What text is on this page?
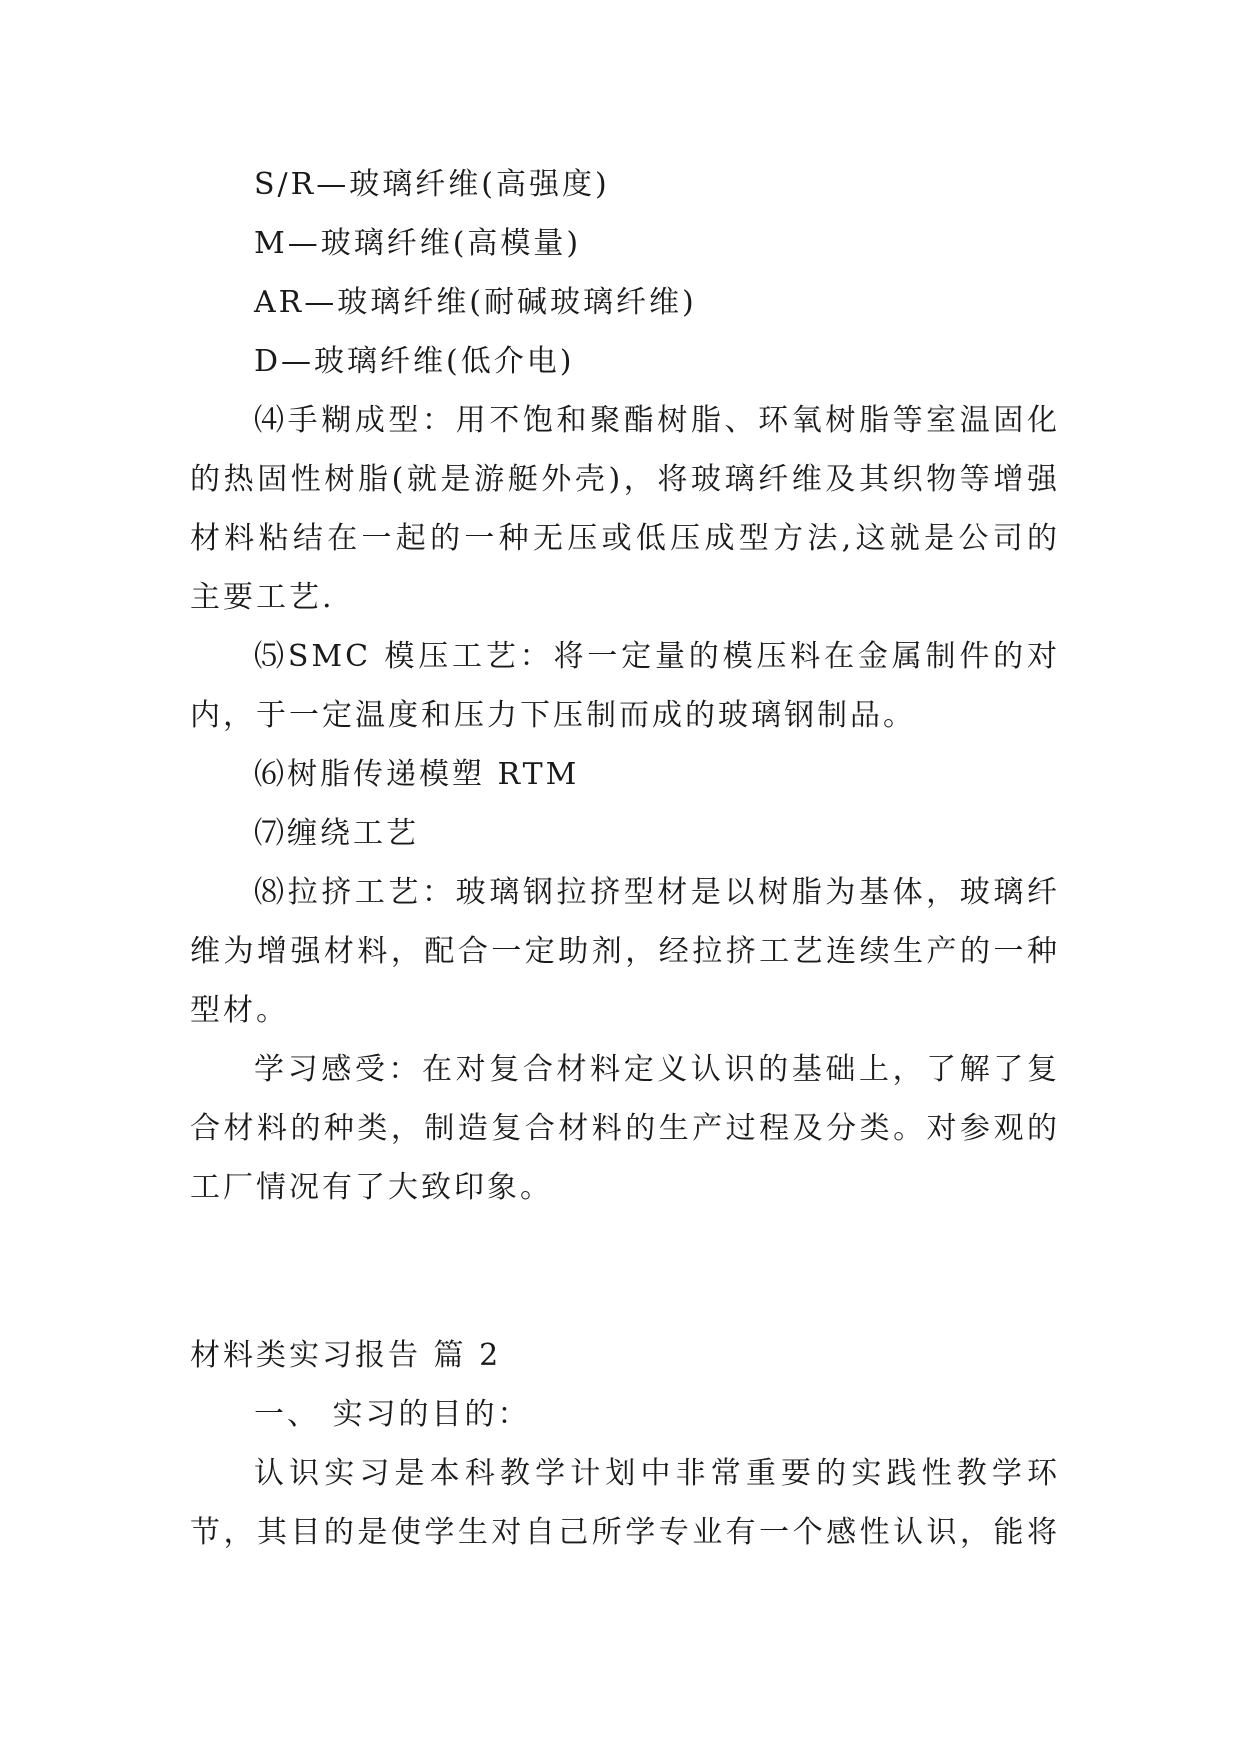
S/R—玻璃纤维(高强度)
M—玻璃纤维(高模量)
AR—玻璃纤维(耐碱玻璃纤维)
D—玻璃纤维(低介电)
⑷手糊成型：用不饱和聚酯树脂、环氧树脂等室温固化
的热固性树脂(就是游艇外壳)，将玻璃纤维及其织物等增强
材料粘结在一起的一种无压或低压成型方法,这就是公司的
主要工艺.
⑸SMC 模压工艺：将一定量的模压料在金属制件的对
内，于一定温度和压力下压制而成的玻璃钢制品。
⑹树脂传递模塑 RTM
⑺缠绕工艺
⑻拉挤工艺：玻璃钢拉挤型材是以树脂为基体，玻璃纤
维为增强材料，配合一定助剂，经拉挤工艺连续生产的一种
型材。
学习感受：在对复合材料定义认识的基础上，了解了复
合材料的种类，制造复合材料的生产过程及分类。对参观的
工厂情况有了大致印象。
材料类实习报告 篇 2
一、 实习的目的：
认识实习是本科教学计划中非常重要的实践性教学环
节，其目的是使学生对自己所学专业有一个感性认识，能将
